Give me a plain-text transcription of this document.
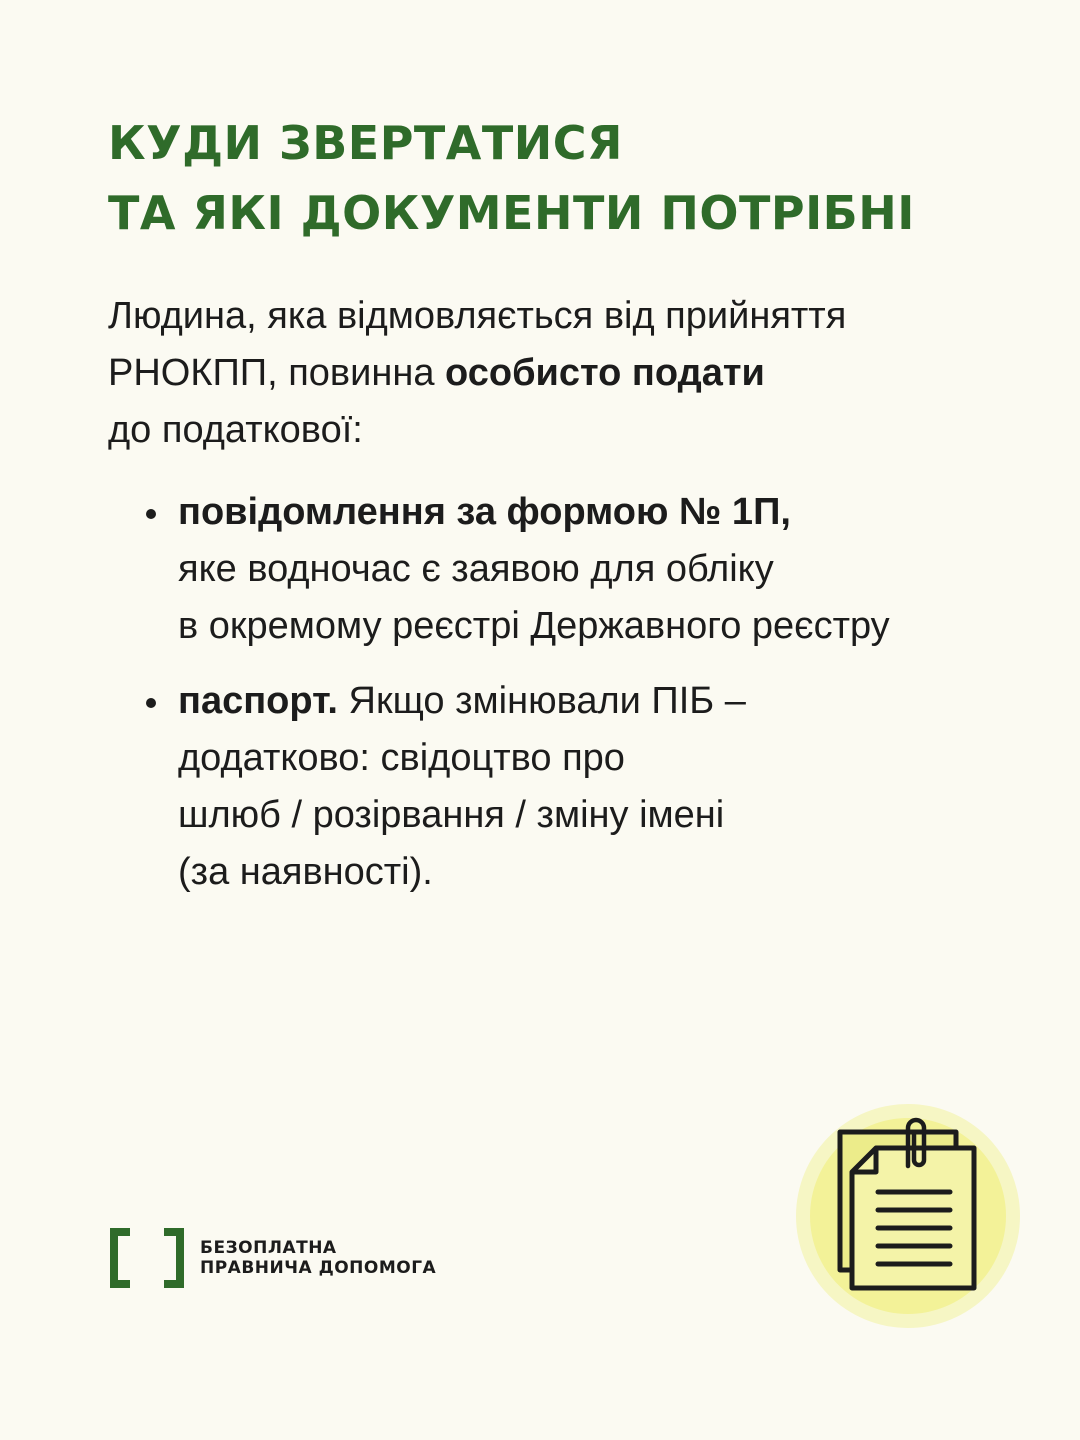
КУДИ ЗВЕРТАТИСЯ
ТА ЯКІ ДОКУМЕНТИ ПОТРІБНІ

Людина, яка відмовляється від прийняття
РНОКПП, повинна особисто подати
до податкової:

повідомлення за формою № 1П,
яке водночас є заявою для обліку
в окремому реєстрі Державного реєстру
паспорт. Якщо змінювали ПІБ –
додатково: свідоцтво про
шлюб / розірвання / зміну імені
(за наявності).
БЕЗОПЛАТНА
ПРАВНИЧА ДОПОМОГА
